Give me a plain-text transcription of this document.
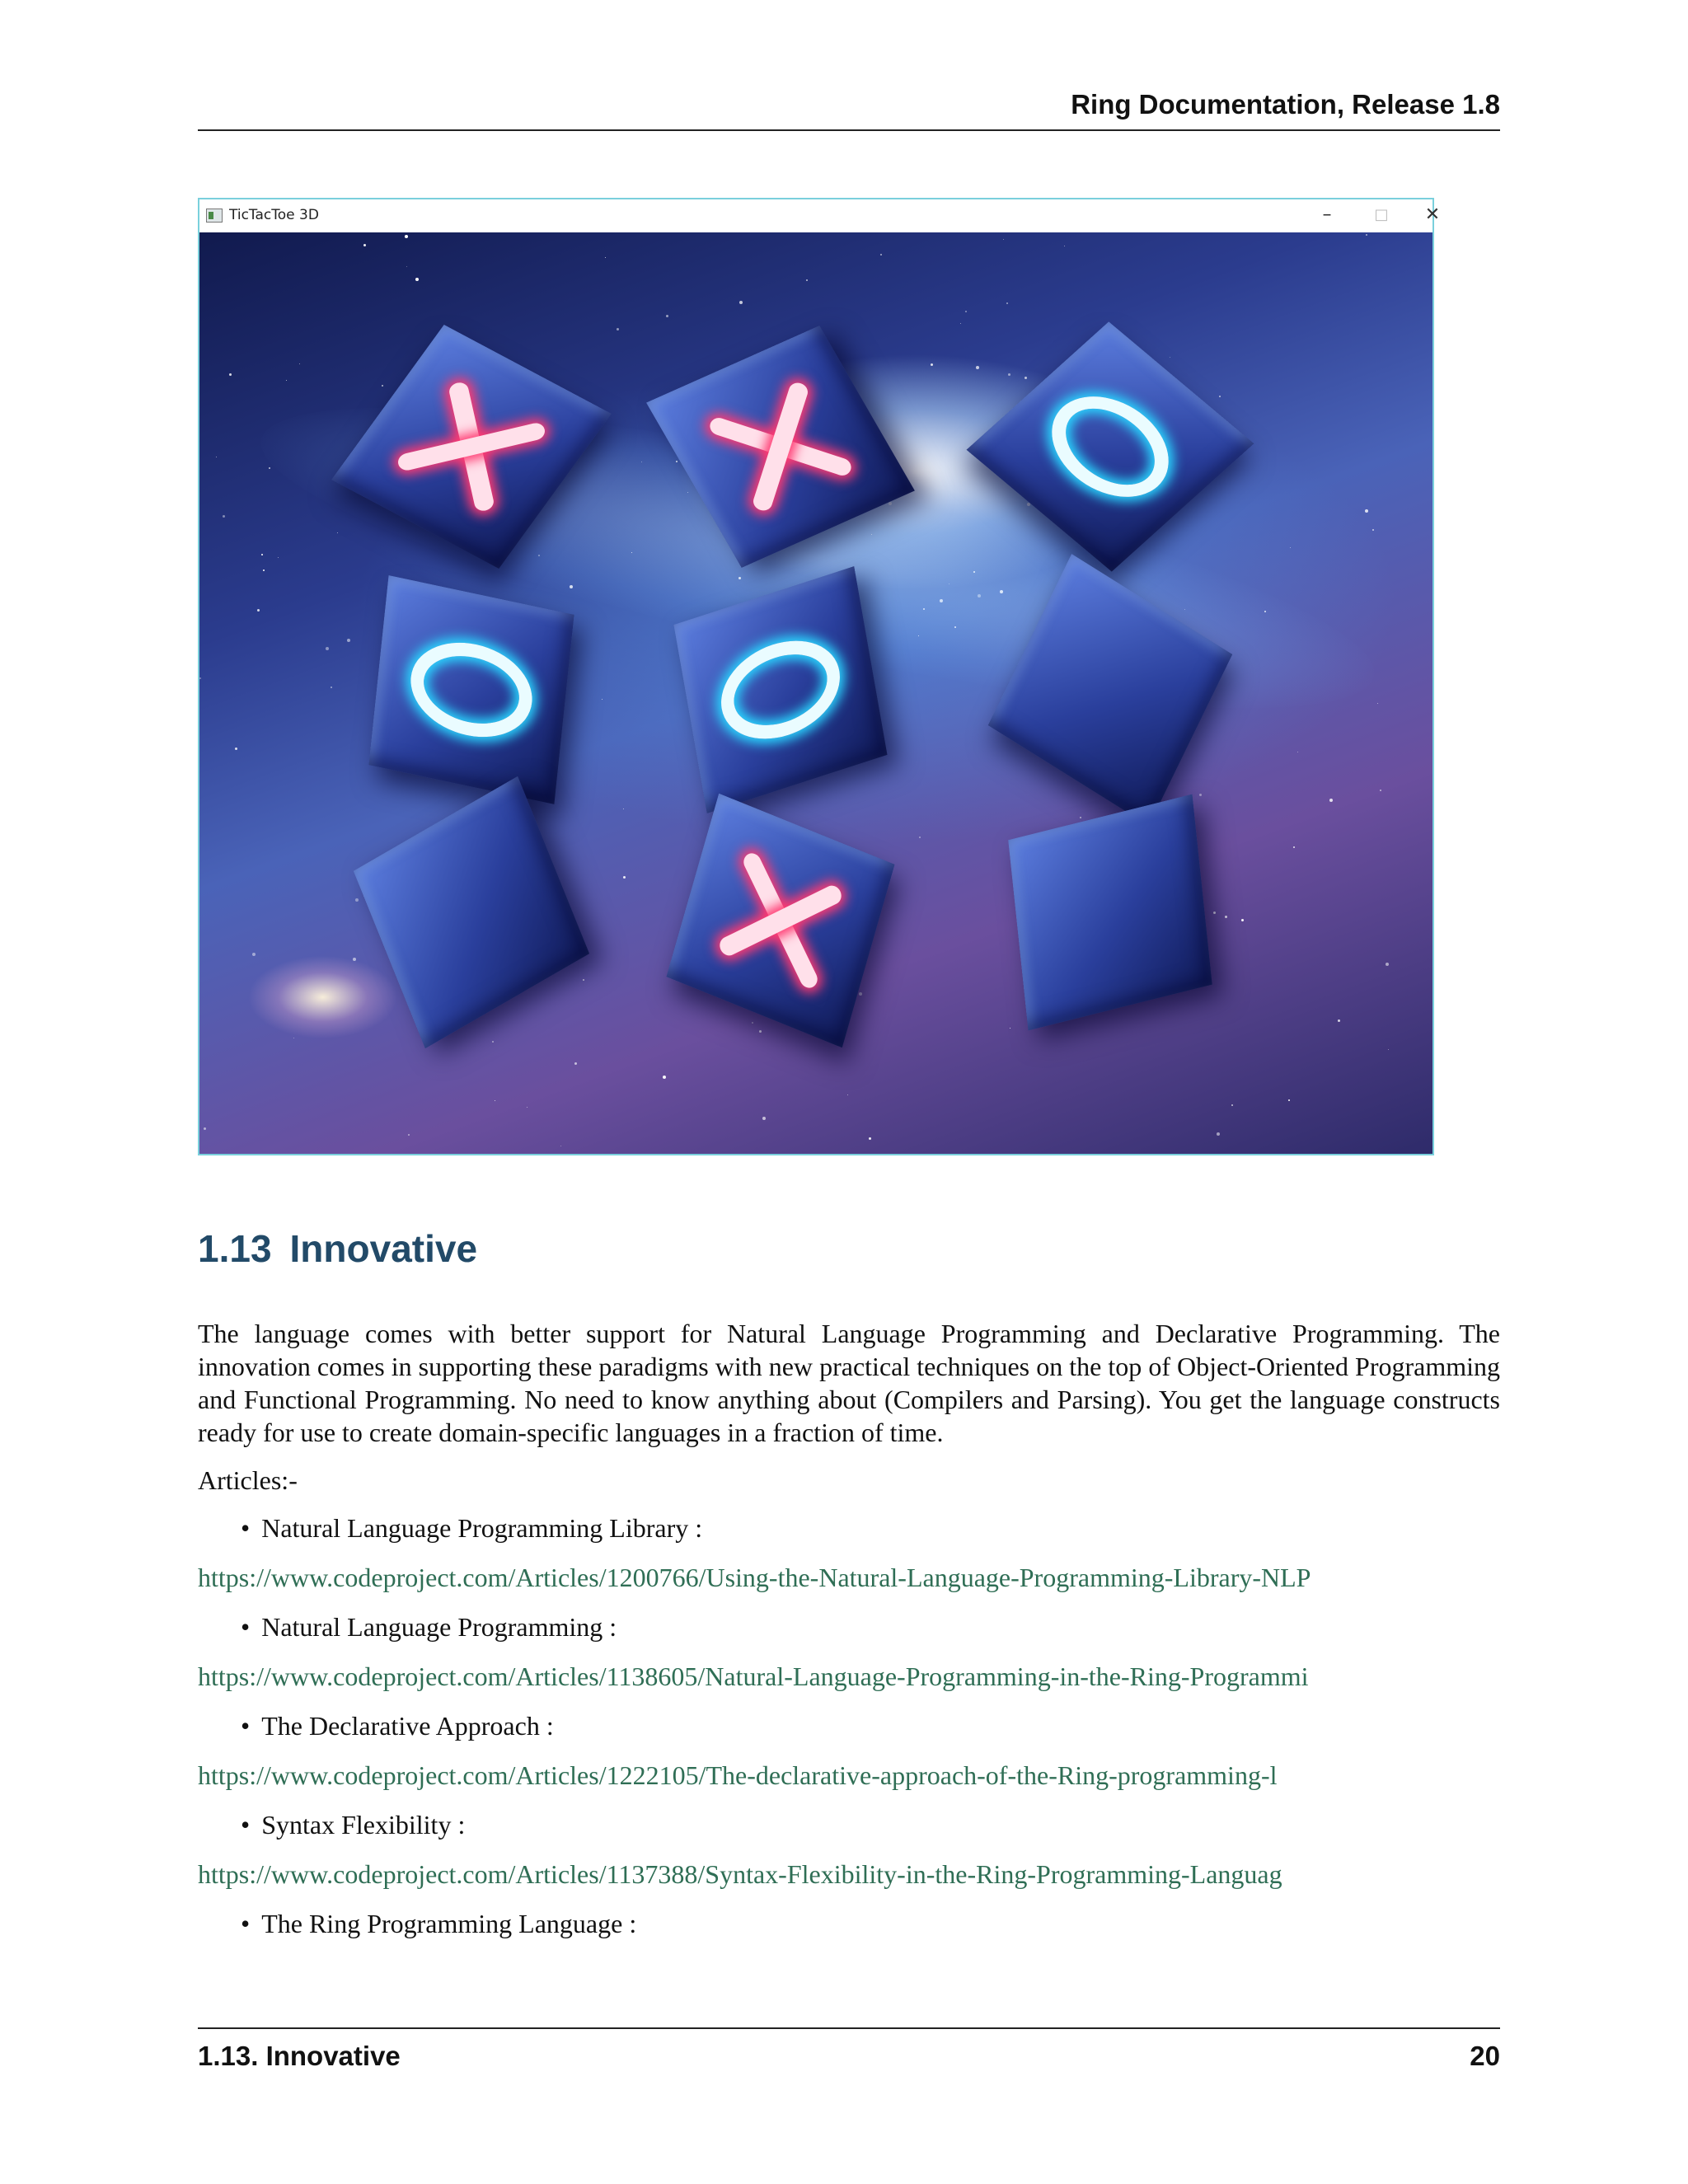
Ring Documentation, Release 1.8
TicTacToe 3D	–	□	✕
1.13 Innovative
The language comes with better support for Natural Language Programming and Declarative Programming. The innovation comes in supporting these paradigms with new practical techniques on the top of Object-Oriented Programming and Functional Programming. No need to know anything about (Compilers and Parsing). You get the language constructs ready for use to create domain-specific languages in a fraction of time.
Articles:-
• Natural Language Programming Library :
https://www.codeproject.com/Articles/1200766/Using-the-Natural-Language-Programming-Library-NLP
• Natural Language Programming :
https://www.codeproject.com/Articles/1138605/Natural-Language-Programming-in-the-Ring-Programmi
• The Declarative Approach :
https://www.codeproject.com/Articles/1222105/The-declarative-approach-of-the-Ring-programming-l
• Syntax Flexibility :
https://www.codeproject.com/Articles/1137388/Syntax-Flexibility-in-the-Ring-Programming-Languag
• The Ring Programming Language :
1.13. Innovative	20
